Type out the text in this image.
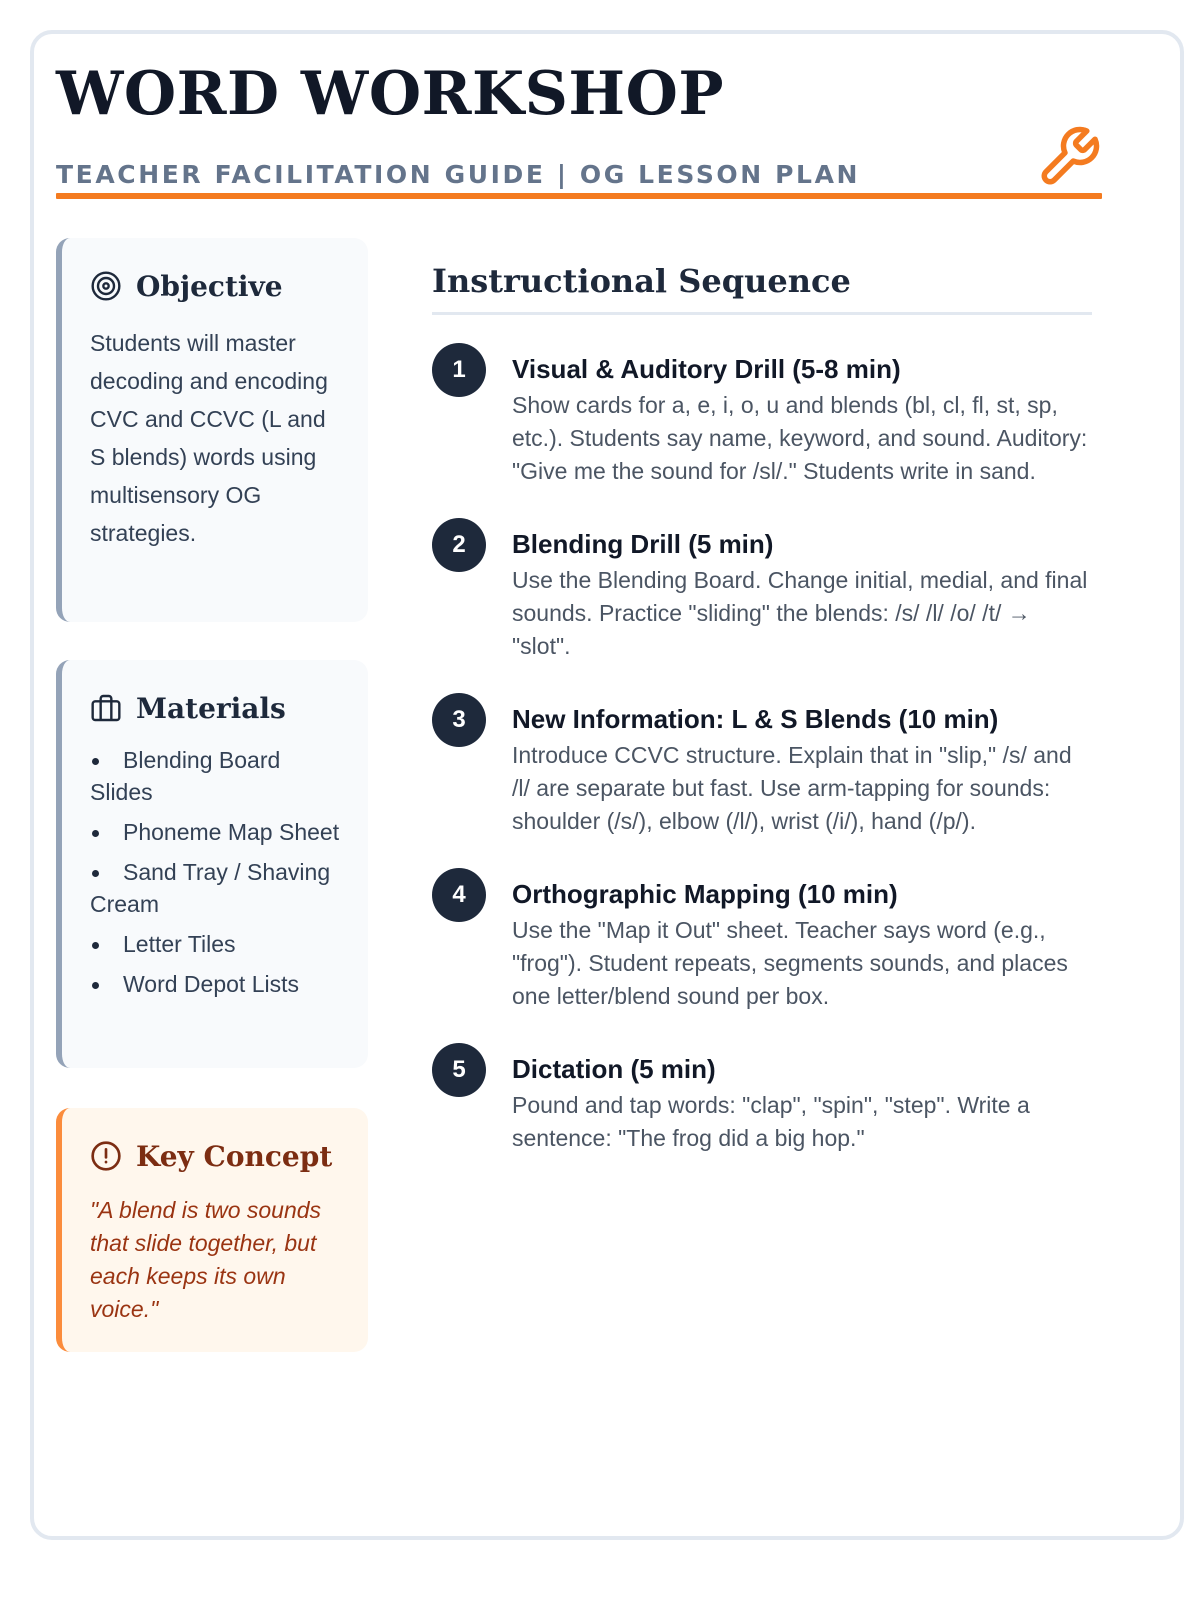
WORD WORKSHOP
TEACHER FACILITATION GUIDE | OG LESSON PLAN
Objective

Students will master decoding and encoding CVC and CCVC (L and S blends) words using multisensory OG strategies.

Materials
Blending Board Slides
Phoneme Map Sheet
Sand Tray / Shaving Cream
Letter Tiles
Word Depot Lists
Key Concept

"A blend is two sounds that slide together, but each keeps its own voice."

Instructional Sequence
1	Visual & Auditory Drill (5-8 min)
Show cards for a, e, i, o, u and blends (bl, cl, fl, st, sp, etc.). Students say name, keyword, and sound. Auditory: "Give me the sound for /sl/." Students write in sand.
2	Blending Drill (5 min)
Use the Blending Board. Change initial, medial, and final sounds. Practice "sliding" the blends: /s/ /l/ /o/ /t/ → "slot".
3	New Information: L & S Blends (10 min)
Introduce CCVC structure. Explain that in "slip," /s/ and /l/ are separate but fast. Use arm-tapping for sounds: shoulder (/s/), elbow (/l/), wrist (/i/), hand (/p/).
4	Orthographic Mapping (10 min)
Use the "Map it Out" sheet. Teacher says word (e.g., "frog"). Student repeats, segments sounds, and places one letter/blend sound per box.
5	Dictation (5 min)
Pound and tap words: "clap", "spin", "step". Write a sentence: "The frog did a big hop."
